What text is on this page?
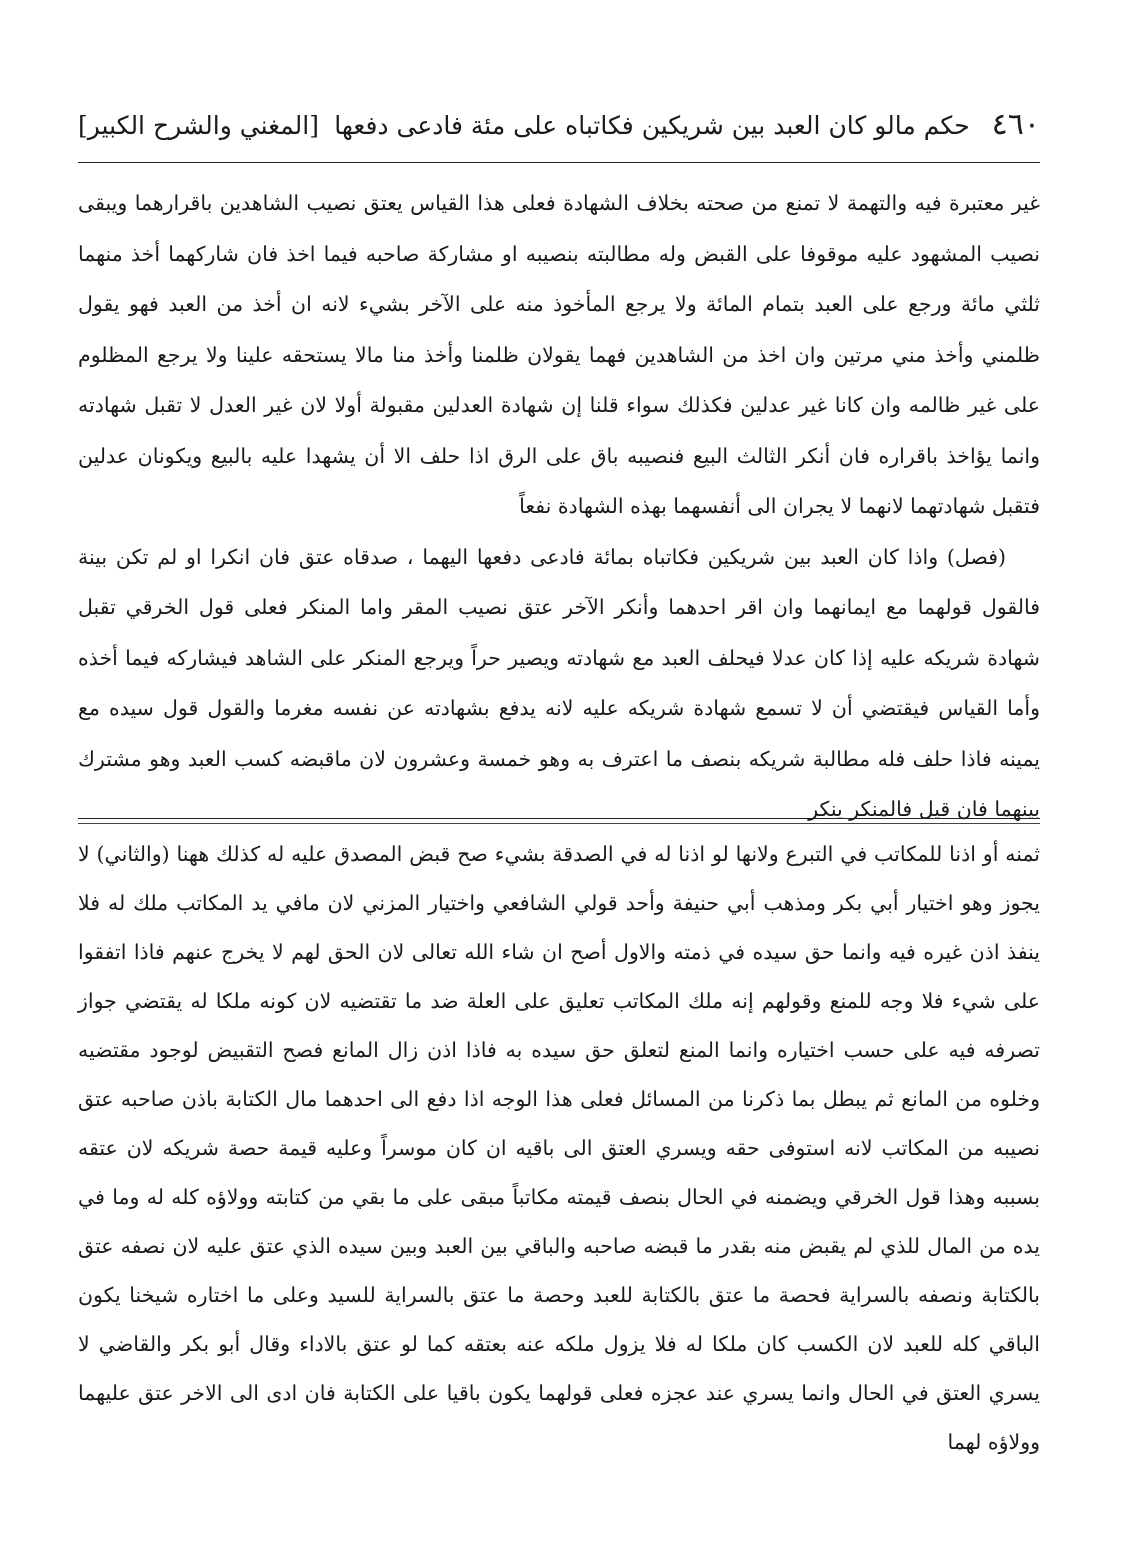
٤٦٠
حكم مالو كان العبد بين شريكين فكاتباه على مئة فادعى دفعها
[المغني والشرح الكبير]

غير معتبرة فيه والتهمة لا تمنع من صحته بخلاف الشهادة فعلى هذا القياس يعتق نصيب الشاهدين باقرارهما ويبقى نصيب المشهود عليه موقوفا على القبض وله مطالبته بنصيبه او مشاركة صاحبه فيما اخذ فان شاركهما أخذ منهما ثلثي مائة ورجع على العبد بتمام المائة ولا يرجع المأخوذ منه على الآخر بشيء لانه ان أخذ من العبد فهو يقول ظلمني وأخذ مني مرتين وان اخذ من الشاهدين فهما يقولان ظلمنا وأخذ منا مالا يستحقه علينا ولا يرجع المظلوم على غير ظالمه وان كانا غير عدلين فكذلك سواء قلنا إن شهادة العدلين مقبولة أولا لان غير العدل لا تقبل شهادته وانما يؤاخذ باقراره فان أنكر الثالث البيع فنصيبه باق على الرق اذا حلف الا أن يشهدا عليه بالبيع ويكونان عدلين فتقبل شهادتهما لانهما لا يجران الى أنفسهما بهذه الشهادة نفعاً

(فصل) واذا كان العبد بين شريكين فكاتباه بمائة فادعى دفعها اليهما ، صدقاه عتق فان انكرا او لم تكن بينة فالقول قولهما مع ايمانهما وان اقر احدهما وأنكر الآخر عتق نصيب المقر واما المنكر فعلى قول الخرقي تقبل شهادة شريكه عليه إذا كان عدلا فيحلف العبد مع شهادته ويصير حراً ويرجع المنكر على الشاهد فيشاركه فيما أخذه وأما القياس فيقتضي أن لا تسمع شهادة شريكه عليه لانه يدفع بشهادته عن نفسه مغرما والقول قول سيده مع يمينه فاذا حلف فله مطالبة شريكه بنصف ما اعترف به وهو خمسة وعشرون لان ماقبضه كسب العبد وهو مشترك بينهما فان قيل فالمنكر ينكر

ثمنه أو اذنا للمكاتب في التبرع ولانها لو اذنا له في الصدقة بشيء صح قبض المصدق عليه له كذلك ههنا (والثاني) لا يجوز وهو اختيار أبي بكر ومذهب أبي حنيفة وأحد قولي الشافعي واختيار المزني لان مافي يد المكاتب ملك له فلا ينفذ اذن غيره فيه وانما حق سيده في ذمته والاول أصح ان شاء الله تعالى لان الحق لهم لا يخرج عنهم فاذا اتفقوا على شيء فلا وجه للمنع وقولهم إنه ملك المكاتب تعليق على العلة ضد ما تقتضيه لان كونه ملكا له يقتضي جواز تصرفه فيه على حسب اختياره وانما المنع لتعلق حق سيده به فاذا اذن زال المانع فصح التقبيض لوجود مقتضيه وخلوه من المانع ثم يبطل بما ذكرنا من المسائل فعلى هذا الوجه اذا دفع الى احدهما مال الكتابة باذن صاحبه عتق نصيبه من المكاتب لانه استوفى حقه ويسري العتق الى باقيه ان كان موسراً وعليه قيمة حصة شريكه لان عتقه بسببه وهذا قول الخرقي ويضمنه في الحال بنصف قيمته مكاتباً مبقى على ما بقي من كتابته وولاؤه كله له وما في يده من المال للذي لم يقبض منه بقدر ما قبضه صاحبه والباقي بين العبد وبين سيده الذي عتق عليه لان نصفه عتق بالكتابة ونصفه بالسراية فحصة ما عتق بالكتابة للعبد وحصة ما عتق بالسراية للسيد وعلى ما اختاره شيخنا يكون الباقي كله للعبد لان الكسب كان ملكا له فلا يزول ملكه عنه بعتقه كما لو عتق بالاداء وقال أبو بكر والقاضي لا يسري العتق في الحال وانما يسري عند عجزه فعلى قولهما يكون باقيا على الكتابة فان ادى الى الاخر عتق عليهما وولاؤه لهما
